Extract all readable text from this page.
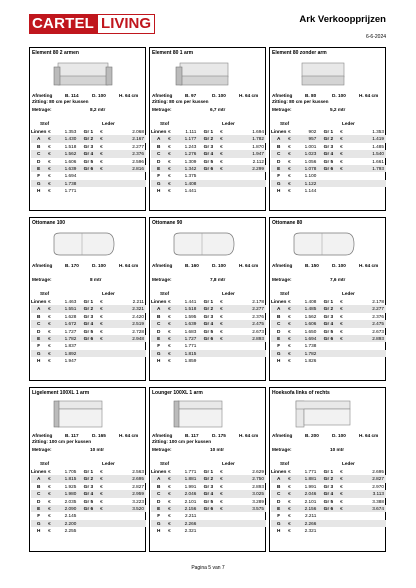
CARTEL LIVING	Ark Verkoopprijzen
6-6-2024
Element 80 2 armen
Afmeting	B. 114	D. 100	H. 64 cm
Zitting: 80 cm per kussen
Metrage:	8,2 mtr
Stof	Leder
Linnen	€	1.353	Gr 1	€	2.068
A	€	1.430	Gr 2	€	2.167
B	€	1.518	Gr 3	€	2.277
C	€	1.562	Gr 4	€	2.376
D	€	1.606	Gr 5	€	2.596
E	€	1.639	Gr 6	€	2.816
F	€	1.694			
G	€	1.738			
H	€	1.771			
Element 80 1 arm
Afmeting	B. 97	D. 100	H. 64 cm
Zitting: 80 cm per kussen
Metrage:	6,7 mtr
Stof	Leder
Linnen	€	1.111	Gr 1	€	1.694
A	€	1.177	Gr 2	€	1.782
B	€	1.243	Gr 3	€	1.870
C	€	1.276	Gr 4	€	1.947
D	€	1.309	Gr 5	€	2.112
E	€	1.342	Gr 6	€	2.299
F	€	1.375			
G	€	1.408			
H	€	1.441			
Element 80 zonder arm
Afmeting	B. 80	D. 100	H. 64 cm
Zitting: 80 cm per kussen
Metrage:	5,2 mtr
Stof	Leder
Linnen	€	902	Gr 1	€	1.353
A	€	957	Gr 2	€	1.419
B	€	1.001	Gr 3	€	1.485
C	€	1.023	Gr 4	€	1.540
D	€	1.056	Gr 5	€	1.661
E	€	1.078	Gr 6	€	1.793
F	€	1.100			
G	€	1.122			
H	€	1.144			
Ottomane 100
Afmeting	B. 170	D. 100	H. 64 cm
Metrage:	8 mtr
Stof	Leder
Linnen	€	1.463	Gr 1	€	2.211
A	€	1.551	Gr 2	€	2.321
B	€	1.628	Gr 3	€	2.420
C	€	1.672	Gr 4	€	2.519
D	€	1.727	Gr 5	€	2.728
E	€	1.782	Gr 6	€	2.948
F	€	1.837			
G	€	1.892			
H	€	1.947			
Ottomane 90
Afmeting	B. 160	D. 100	H. 64 cm
Metrage:	7,8 mtr
Stof	Leder
Linnen	€	1.441	Gr 1	€	2.178
A	€	1.518	Gr 2	€	2.277
B	€	1.595	Gr 3	€	2.376
C	€	1.639	Gr 4	€	2.475
D	€	1.683	Gr 5	€	2.673
E	€	1.727	Gr 6	€	2.893
F	€	1.771			
G	€	1.815			
H	€	1.859			
Ottomane 80
Afmeting	B. 150	D. 100	H. 64 cm
Metrage:	7,6 mtr
Stof	Leder
Linnen	€	1.408	Gr 1	€	2.178
A	€	1.485	Gr 2	€	2.277
B	€	1.562	Gr 3	€	2.376
C	€	1.606	Gr 4	€	2.475
D	€	1.650	Gr 5	€	2.673
E	€	1.694	Gr 6	€	2.893
F	€	1.738			
G	€	1.782			
H	€	1.826			
Ligelement 100XL 1 arm
Afmeting	B. 117	D. 165	H. 64 cm
Zitting: 100 cm per kussen
Metrage:	10 mtr
Stof	Leder
Linnen	€	1.705	Gr 1	€	2.563
A	€	1.815	Gr 2	€	2.695
B	€	1.925	Gr 3	€	2.827
C	€	1.980	Gr 4	€	2.959
D	€	2.035	Gr 5	€	3.223
E	€	2.090	Gr 6	€	3.520
F	€	2.145			
G	€	2.200			
H	€	2.255			
Lounger 100XL 1 arm
Afmeting	B. 117	D. 175	H. 64 cm
Zitting: 100 cm per kussen
Metrage:	10 mtr
Stof	Leder
Linnen	€	1.771	Gr 1	€	2.629
A	€	1.881	Gr 2	€	2.750
B	€	1.991	Gr 3	€	2.893
C	€	2.046	Gr 4	€	3.025
D	€	2.101	Gr 5	€	3.289
E	€	2.156	Gr 6	€	3.575
F	€	2.211			
G	€	2.266			
H	€	2.321			
Hoeksofa links of rechts
Afmeting	B. 200	D. 100	H. 64 cm
Metrage:	10 mtr
Stof	Leder
Linnen	€	1.771	Gr 1	€	2.695
A	€	1.881	Gr 2	€	2.827
B	€	1.991	Gr 3	€	2.970
C	€	2.046	Gr 4	€	3.113
D	€	2.101	Gr 5	€	3.388
E	€	2.156	Gr 6	€	3.674
F	€	2.211			
G	€	2.266			
H	€	2.321			
Pagina 5 van 7
